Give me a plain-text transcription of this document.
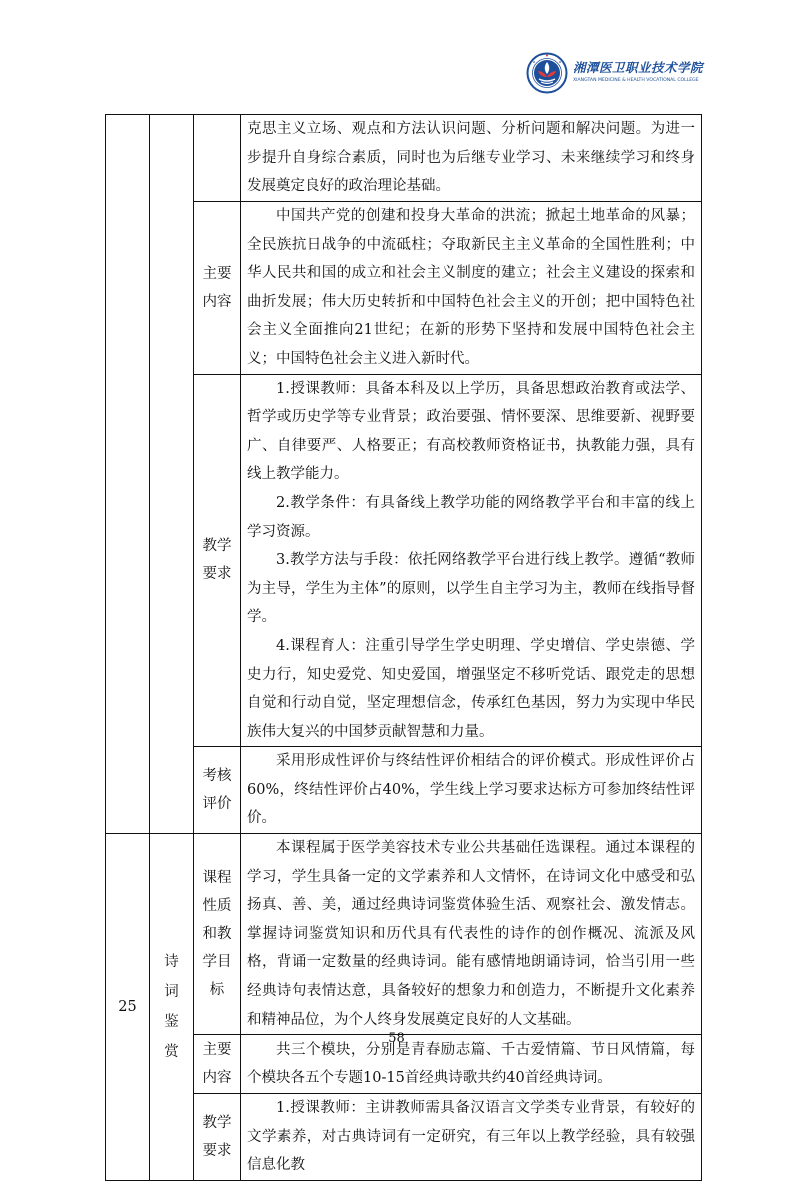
湘潭医卫职业技术学院
XIANGTAN MEDICINE & HEALTH VOCATIONAL COLLEGE

			克思主义立场、观点和方法认识问题、分析问题和解决问题。为进一步提升自身综合素质，同时也为后继专业学习、未来继续学习和终身发展奠定良好的政治理论基础。

		主要内容	中国共产党的创建和投身大革命的洪流；掀起土地革命的风暴；全民族抗日战争的中流砥柱；夺取新民主主义革命的全国性胜利；中华人民共和国的成立和社会主义制度的建立；社会主义建设的探索和曲折发展；伟大历史转折和中国特色社会主义的开创；把中国特色社会主义全面推向21世纪；在新的形势下坚持和发展中国特色社会主义；中国特色社会主义进入新时代。

		教学要求	1.授课教师：具备本科及以上学历，具备思想政治教育或法学、哲学或历史学等专业背景；政治要强、情怀要深、思维要新、视野要广、自律要严、人格要正；有高校教师资格证书，执教能力强，具有线上教学能力。
2.教学条件：有具备线上教学功能的网络教学平台和丰富的线上学习资源。
3.教学方法与手段：依托网络教学平台进行线上教学。遵循“教师为主导，学生为主体”的原则，以学生自主学习为主，教师在线指导督学。
4.课程育人：注重引导学生学史明理、学史增信、学史崇德、学史力行，知史爱党、知史爱国，增强坚定不移听党话、跟党走的思想自觉和行动自觉，坚定理想信念，传承红色基因，努力为实现中华民族伟大复兴的中国梦贡献智慧和力量。

		考核评价	采用形成性评价与终结性评价相结合的评价模式。形成性评价占60%，终结性评价占40%，学生线上学习要求达标方可参加终结性评价。

25	诗
词
鉴
赏	课程
性质
和教
学目
标	本课程属于医学美容技术专业公共基础任选课程。通过本课程的学习，学生具备一定的文学素养和人文情怀，在诗词文化中感受和弘扬真、善、美，通过经典诗词鉴赏体验生活、观察社会、激发情志。掌握诗词鉴赏知识和历代具有代表性的诗作的创作概况、流派及风格，背诵一定数量的经典诗词。能有感情地朗诵诗词，恰当引用一些经典诗句表情达意，具备较好的想象力和创造力，不断提升文化素养和精神品位，为个人终身发展奠定良好的人文基础。

		主要
内容	共三个模块，分别是青春励志篇、千古爱情篇、节日风情篇，每个模块各五个专题10-15首经典诗歌共约40首经典诗词。

		教学
要求	1.授课教师：主讲教师需具备汉语言文学类专业背景，有较好的文学素养，对古典诗词有一定研究，有三年以上教学经验，具有较强信息化教
58
